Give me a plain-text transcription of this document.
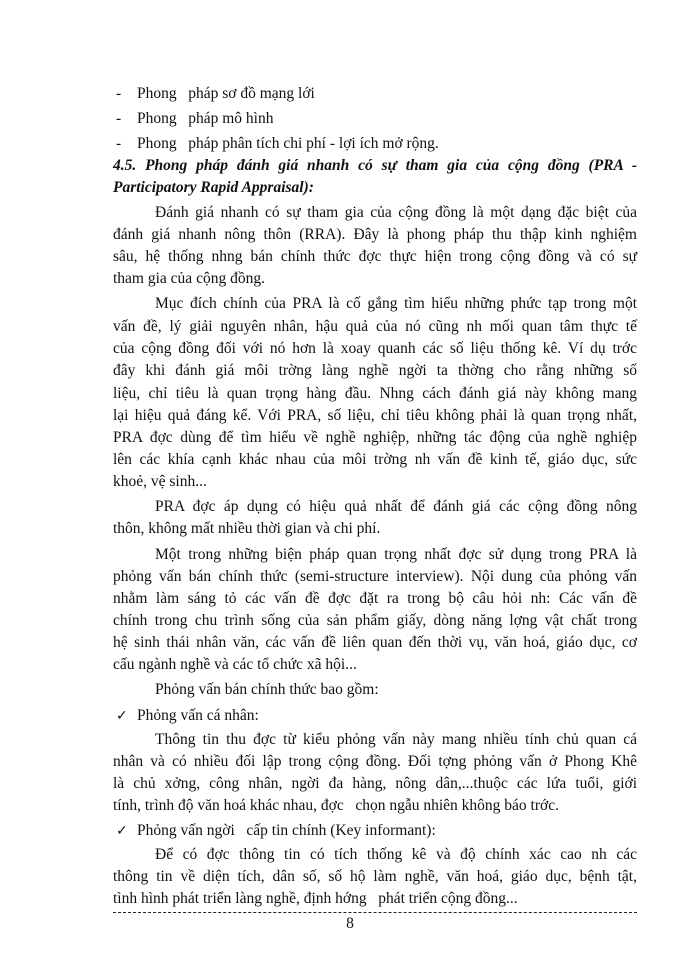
- Phong   pháp sơ đồ mạng lới
- Phong   pháp mô hình
- Phong   pháp phân tích chi phí - lợi ích mở rộng.
4.5. Phong pháp đánh giá nhanh có sự tham gia của cộng đồng (PRA -
Participatory Rapid Appraisal):
Đánh giá nhanh có sự tham gia của cộng đồng là một dạng đặc biệt của
đánh giá nhanh nông thôn (RRA). Đây là phong pháp thu thập kinh nghiệm
sâu, hệ thống nhng bán chính thức đợc thực hiện trong cộng đồng và có sự
tham gia của cộng đồng.
Mục đích chính của PRA là cố gắng tìm hiểu những phức tạp trong một
vấn đề, lý giải nguyên nhân, hậu quả của nó cũng nh mối quan tâm thực tế
của cộng đồng đối với nó hơn là xoay quanh các số liệu thống kê. Ví dụ trớc
đây khi đánh giá môi trờng làng nghề ngời ta thờng cho rằng những số
liệu, chỉ tiêu là quan trọng hàng đầu. Nhng cách đánh giá này không mang
lại hiệu quả đáng kể. Với PRA, số liệu, chỉ tiêu không phải là quan trọng nhất,
PRA đợc dùng để tìm hiểu về nghề nghiệp, những tác động của nghề nghiệp
lên các khía cạnh khác nhau của môi trờng nh vấn đề kinh tế, giáo dục, sức
khoẻ, vệ sinh...
PRA đợc áp dụng có hiệu quả nhất để đánh giá các cộng đồng nông
thôn, không mất nhiều thời gian và chi phí.
Một trong những biện pháp quan trọng nhất đợc sử dụng trong PRA là
phỏng vấn bán chính thức (semi-structure interview). Nội dung của phỏng vấn
nhằm làm sáng tỏ các vấn đề đợc đặt ra trong bộ câu hỏi nh: Các vấn đề
chính trong chu trình sống của sản phẩm giấy, dòng năng lợng vật chất trong
hệ sinh thái nhân văn, các vấn đề liên quan đến thời vụ, văn hoá, giáo dục, cơ
cấu ngành nghề và các tổ chức xã hội...
Phỏng vấn bán chính thức bao gồm:
✓ Phỏng vấn cá nhân:
Thông tin thu đợc từ kiểu phỏng vấn này mang nhiều tính chủ quan cá
nhân và có nhiều đối lập trong cộng đồng. Đối tợng phỏng vấn ở Phong Khê
là chủ xởng, công nhân, ngời đa hàng, nông dân,...thuộc các lứa tuổi, giới
tính, trình độ văn hoá khác nhau, đợc   chọn ngẫu nhiên không báo trớc.
✓ Phỏng vấn ngời   cấp tin chính (Key informant):
Để có đợc thông tin có tích thống kê và độ chính xác cao nh các
thông tin về diện tích, dân số, số hộ làm nghề, văn hoá, giáo dục, bệnh tật,
tình hình phát triển làng nghề, định hớng   phát triển cộng đồng...
8
